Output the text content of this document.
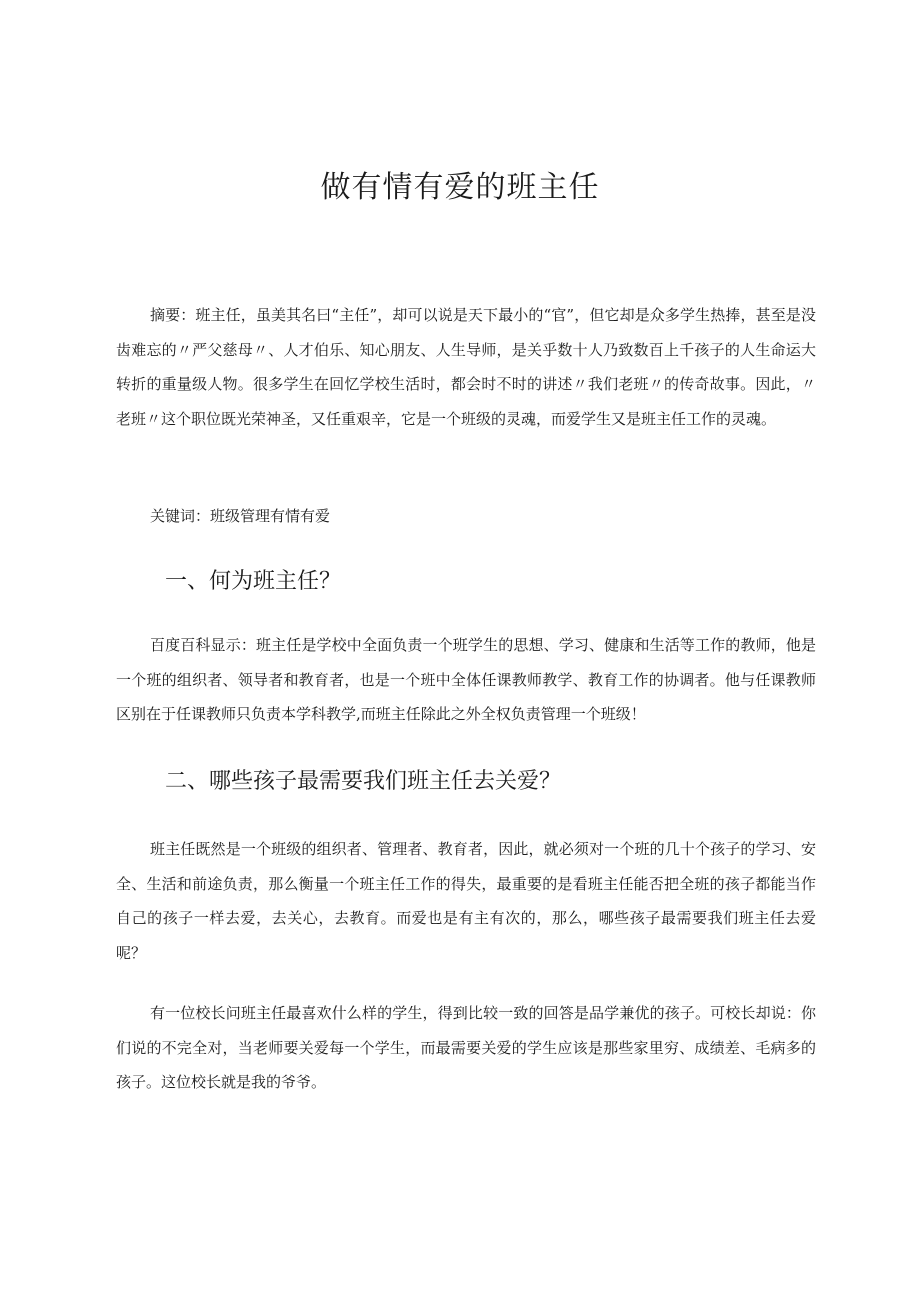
做有情有爱的班主任

摘要：班主任，虽美其名曰“主任”，却可以说是天下最小的“官”，但它却是众多学生热捧，甚至是没齿难忘的〃严父慈母〃、人才伯乐、知心朋友、人生导师，是关乎数十人乃致数百上千孩子的人生命运大转折的重量级人物。很多学生在回忆学校生活时，都会时不时的讲述〃我们老班〃的传奇故事。因此，〃老班〃这个职位既光荣神圣，又任重艰辛，它是一个班级的灵魂，而爱学生又是班主任工作的灵魂。

关键词：班级管理有情有爱

一、何为班主任？

百度百科显示：班主任是学校中全面负责一个班学生的思想、学习、健康和生活等工作的教师，他是一个班的组织者、领导者和教育者，也是一个班中全体任课教师教学、教育工作的协调者。他与任课教师区别在于任课教师只负责本学科教学,而班主任除此之外全权负责管理一个班级！

二、哪些孩子最需要我们班主任去关爱？

班主任既然是一个班级的组织者、管理者、教育者，因此，就必须对一个班的几十个孩子的学习、安全、生活和前途负责，那么衡量一个班主任工作的得失，最重要的是看班主任能否把全班的孩子都能当作自己的孩子一样去爱，去关心，去教育。而爱也是有主有次的，那么，哪些孩子最需要我们班主任去爱呢？

有一位校长问班主任最喜欢什么样的学生，得到比较一致的回答是品学兼优的孩子。可校长却说：你们说的不完全对，当老师要关爱每一个学生，而最需要关爱的学生应该是那些家里穷、成绩差、毛病多的孩子。这位校长就是我的爷爷。
